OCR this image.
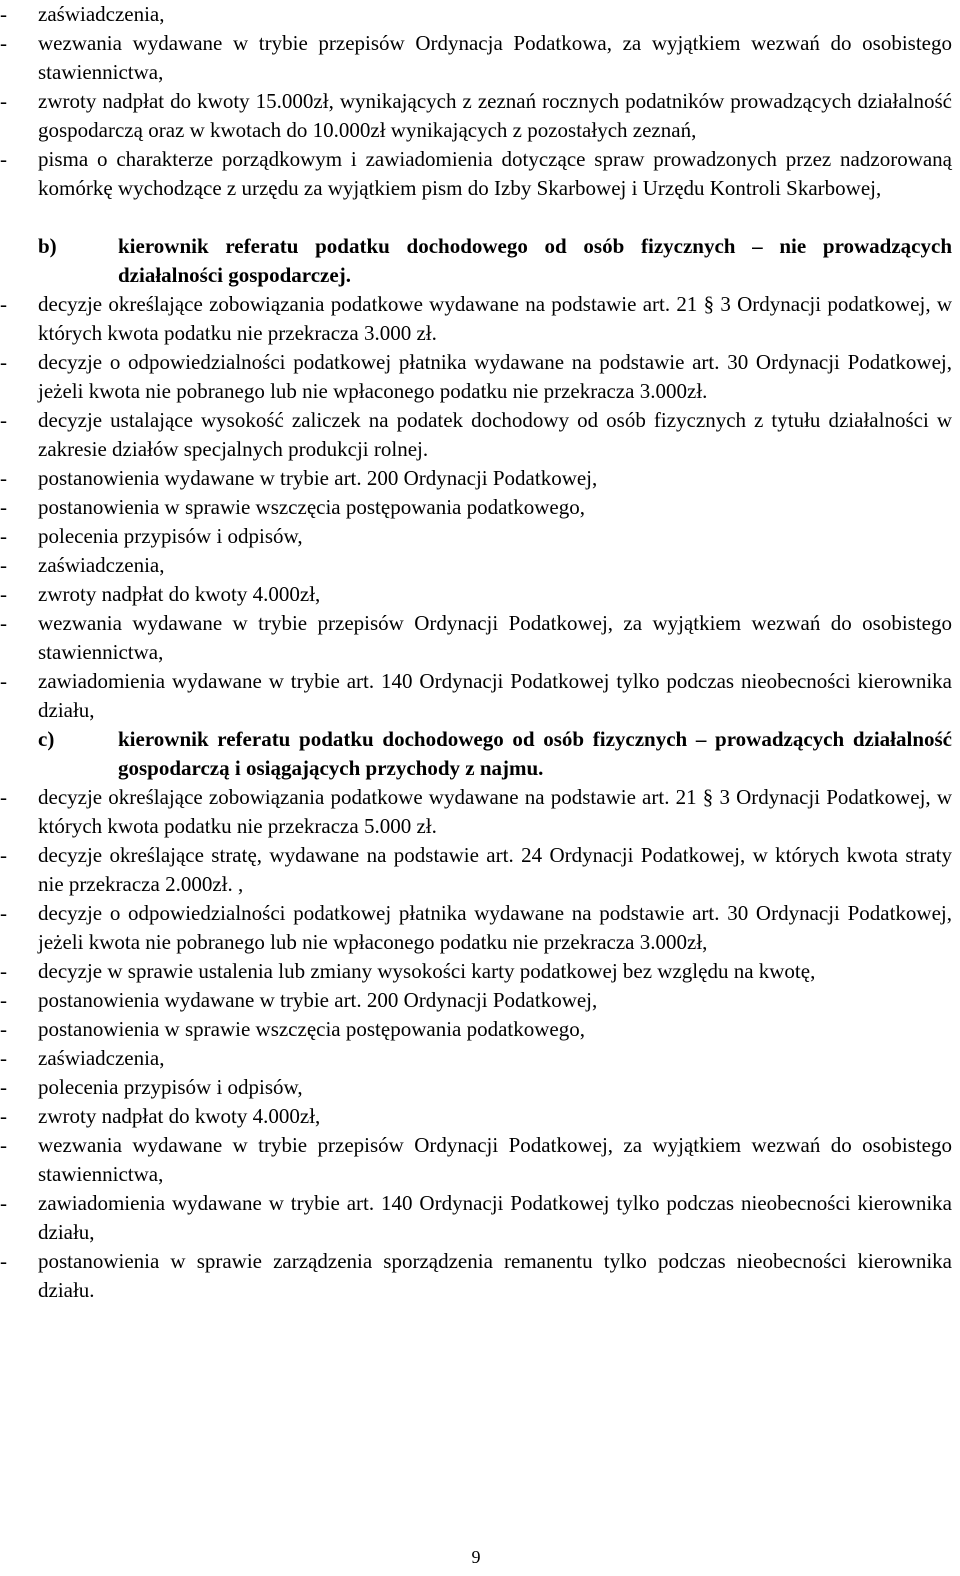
-	zaświadczenia,
-	wezwania wydawane w trybie przepisów Ordynacja Podatkowa, za wyjątkiem wezwań do osobistego stawiennictwa,
-	zwroty nadpłat do kwoty 15.000zł, wynikających z zeznań rocznych podatników prowadzących działalność gospodarczą oraz w kwotach do 10.000zł wynikających z pozostałych zeznań,
-	pisma o charakterze porządkowym i zawiadomienia dotyczące spraw prowadzonych przez nadzorowaną komórkę wychodzące z urzędu za wyjątkiem pism do Izby Skarbowej i Urzędu Kontroli Skarbowej,
b)	kierownik referatu podatku dochodowego od osób fizycznych – nie prowadzących działalności gospodarczej.
-	decyzje określające zobowiązania podatkowe wydawane na podstawie art. 21 § 3 Ordynacji podatkowej, w których kwota podatku nie przekracza 3.000 zł.
-	decyzje o odpowiedzialności podatkowej płatnika wydawane na podstawie art. 30 Ordynacji Podatkowej, jeżeli kwota nie pobranego lub nie wpłaconego podatku nie przekracza 3.000zł.
-	decyzje ustalające wysokość zaliczek na podatek dochodowy od osób fizycznych z tytułu działalności w zakresie działów specjalnych produkcji rolnej.
-	postanowienia wydawane w trybie art. 200 Ordynacji Podatkowej,
-	postanowienia w sprawie wszczęcia postępowania podatkowego,
-	polecenia przypisów i odpisów,
-	zaświadczenia,
-	zwroty nadpłat do kwoty 4.000zł,
-	wezwania wydawane w trybie przepisów Ordynacji Podatkowej, za wyjątkiem wezwań do osobistego stawiennictwa,
-	zawiadomienia wydawane w trybie art. 140 Ordynacji Podatkowej tylko podczas nieobecności kierownika działu,
c)	kierownik referatu podatku dochodowego od osób fizycznych – prowadzących działalność gospodarczą i osiągających przychody z najmu.
-	decyzje określające zobowiązania podatkowe wydawane na podstawie art. 21 § 3 Ordynacji Podatkowej, w których kwota podatku nie przekracza 5.000 zł.
-	decyzje określające stratę, wydawane na podstawie art. 24 Ordynacji Podatkowej, w których kwota straty nie przekracza 2.000zł. ,
-	decyzje o odpowiedzialności podatkowej płatnika wydawane na podstawie art. 30 Ordynacji Podatkowej, jeżeli kwota nie pobranego lub nie wpłaconego podatku nie przekracza 3.000zł,
-	decyzje w sprawie ustalenia lub zmiany wysokości karty podatkowej bez względu na kwotę,
-	postanowienia wydawane w trybie art. 200 Ordynacji Podatkowej,
-	postanowienia w sprawie wszczęcia postępowania podatkowego,
-	zaświadczenia,
-	polecenia przypisów i odpisów,
-	zwroty nadpłat do kwoty 4.000zł,
-	wezwania wydawane w trybie przepisów Ordynacji Podatkowej, za wyjątkiem wezwań do osobistego stawiennictwa,
-	zawiadomienia wydawane w trybie art. 140 Ordynacji Podatkowej tylko podczas nieobecności kierownika działu,
-	postanowienia w sprawie zarządzenia sporządzenia remanentu tylko podczas nieobecności kierownika działu.
9
